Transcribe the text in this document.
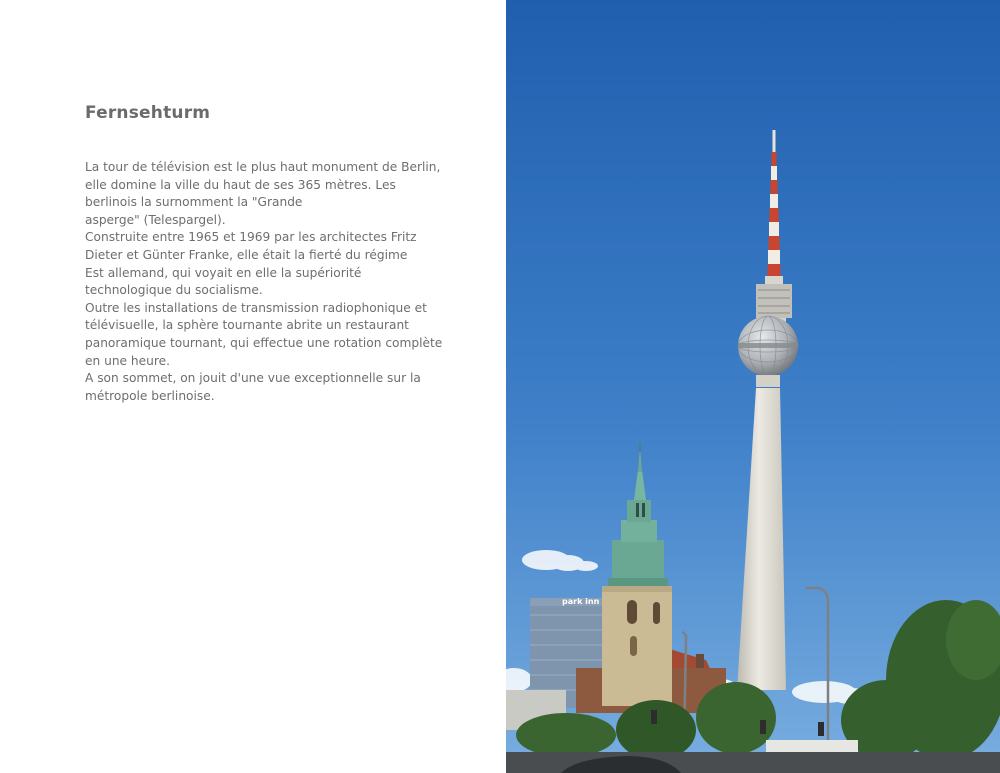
Fernsehturm
La tour de télévision est le plus haut monument de Berlin,
elle domine la ville du haut de ses 365 mètres. Les
berlinois la surnomment la "Grande
asperge" (Telespargel).
Construite entre 1965 et 1969 par les architectes Fritz
Dieter et Günter Franke, elle était la fierté du régime
Est allemand, qui voyait en elle la supériorité
technologique du socialisme.
Outre les installations de transmission radiophonique et
télévisuelle, la sphère tournante abrite un restaurant
panoramique tournant, qui effectue une rotation complète
en une heure.
A son sommet, on jouit d'une vue exceptionnelle sur la
métropole berlinoise.
park inn
